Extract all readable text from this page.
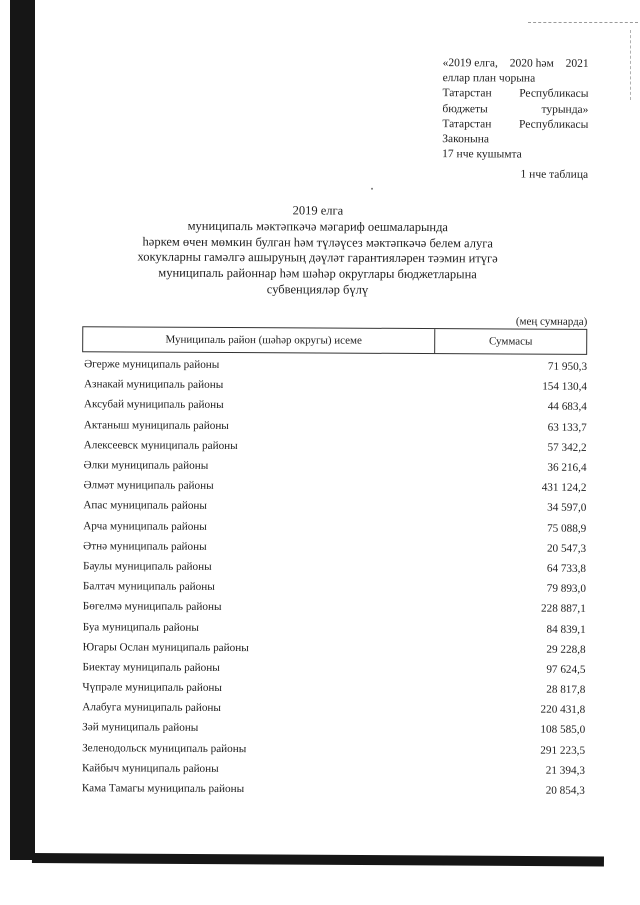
«2019 елга, 2020 һәм 2021
еллар план чорына
Татарстан Республикасы
бюджеты	турында»
Татарстан Республикасы
Законына
17 нче кушымта
1 нче таблица
2019 елга
муниципаль мәктәпкәчә мәгариф оешмаларында
һәркем өчен мөмкин булган һәм түләүсез мәктәпкәчә белем алуга
хокукларны гамәлгә ашыруның дәүләт гарантияләрен тәэмин итүгә
муниципаль районнар һәм шәһәр округлары бюджетларына
субвенцияләр бүлү
(мең сумнарда)
Муниципаль район (шәһәр округы) исеме	Суммасы
Әгерже муниципаль районы	71 950,3
Азнакай муниципаль районы	154 130,4
Аксубай муниципаль районы	44 683,4
Актаныш муниципаль районы	63 133,7
Алексеевск муниципаль районы	57 342,2
Әлки муниципаль районы	36 216,4
Әлмәт муниципаль районы	431 124,2
Апас муниципаль районы	34 597,0
Арча муниципаль районы	75 088,9
Әтнә муниципаль районы	20 547,3
Баулы муниципаль районы	64 733,8
Балтач муниципаль районы	79 893,0
Бөгелмә муниципаль районы	228 887,1
Буа муниципаль районы	84 839,1
Югары Ослан муниципаль районы	29 228,8
Биектау муниципаль районы	97 624,5
Чүпрәле муниципаль районы	28 817,8
Алабуга муниципаль районы	220 431,8
Зәй муниципаль районы	108 585,0
Зеленодольск муниципаль районы	291 223,5
Кайбыч муниципаль районы	21 394,3
Кама Тамагы муниципаль районы	20 854,3
